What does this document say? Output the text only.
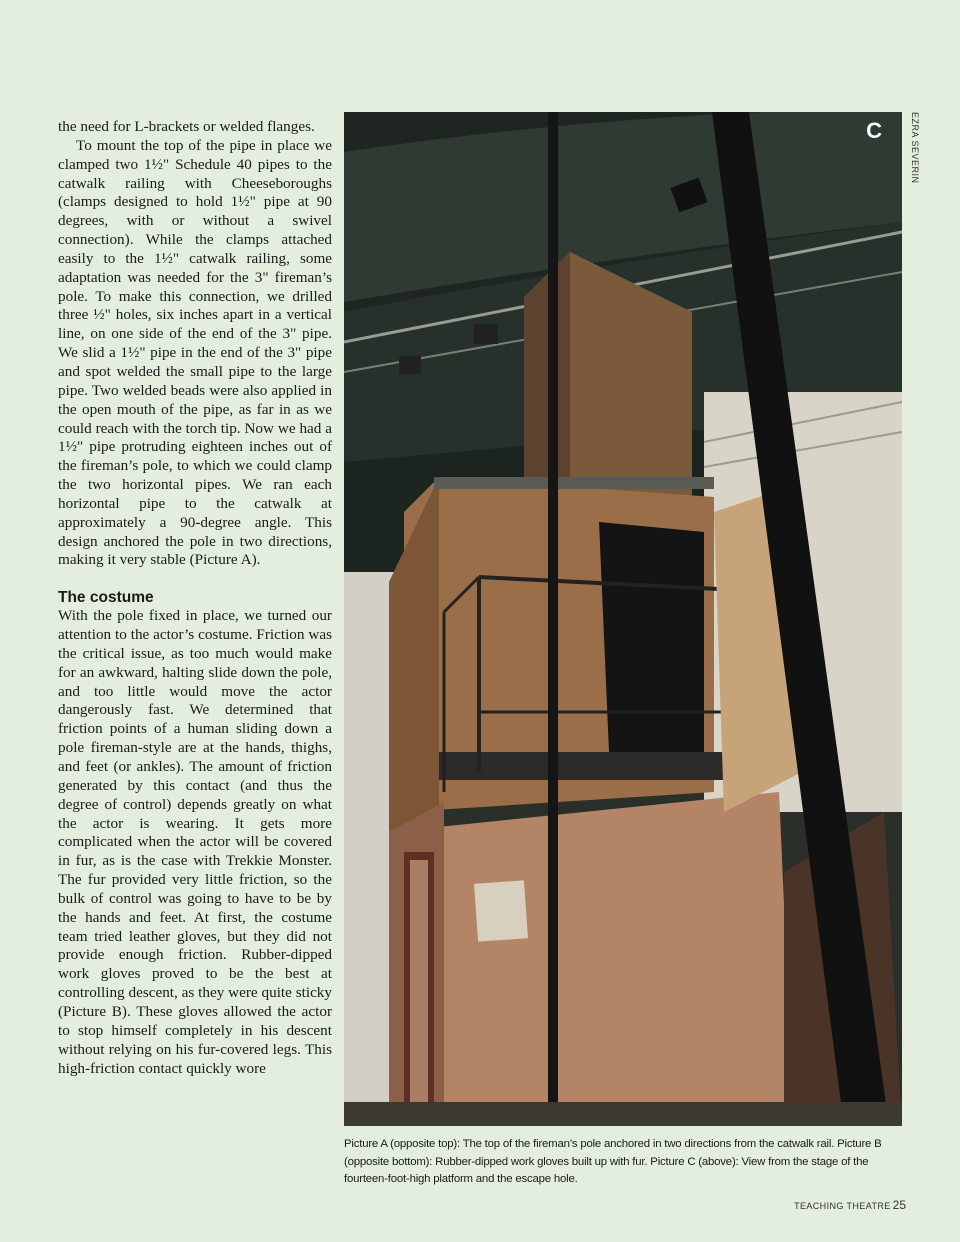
the need for L-brackets or welded flanges.

To mount the top of the pipe in place we clamped two 1½" Schedule 40 pipes to the catwalk railing with Cheeseboroughs (clamps designed to hold 1½" pipe at 90 degrees, with or without a swivel connection). While the clamps attached easily to the 1½" catwalk railing, some adaptation was needed for the 3" fireman’s pole. To make this connection, we drilled three ½" holes, six inches apart in a vertical line, on one side of the end of the 3" pipe. We slid a 1½" pipe in the end of the 3" pipe and spot welded the small pipe to the large pipe. Two welded beads were also applied in the open mouth of the pipe, as far in as we could reach with the torch tip. Now we had a 1½" pipe protruding eighteen inches out of the fireman’s pole, to which we could clamp the two horizontal pipes. We ran each horizontal pipe to the catwalk at approximately a 90-degree angle. This design anchored the pole in two directions, making it very stable (Picture A).

The costume

With the pole fixed in place, we turned our attention to the actor’s costume. Friction was the critical issue, as too much would make for an awkward, halting slide down the pole, and too little would move the actor dangerously fast. We determined that friction points of a human sliding down a pole fireman-style are at the hands, thighs, and feet (or ankles). The amount of friction generated by this contact (and thus the degree of control) depends greatly on what the actor is wearing. It gets more complicated when the actor will be covered in fur, as is the case with Trekkie Monster. The fur provided very little friction, so the bulk of control was going to have to be by the hands and feet. At first, the costume team tried leather gloves, but they did not provide enough friction. Rubber-dipped work gloves proved to be the best at controlling descent, as they were quite sticky (Picture B). These gloves allowed the actor to stop himself completely in his descent without relying on his fur-covered legs. This high-friction contact quickly wore

C	EZRA SEVERIN
Picture A (opposite top): The top of the fireman’s pole anchored in two directions from the catwalk rail. Picture B (opposite bottom): Rubber-dipped work gloves built up with fur. Picture C (above): View from the stage of the fourteen-foot-high platform and the escape hole.
TEACHING THEATRE 25
